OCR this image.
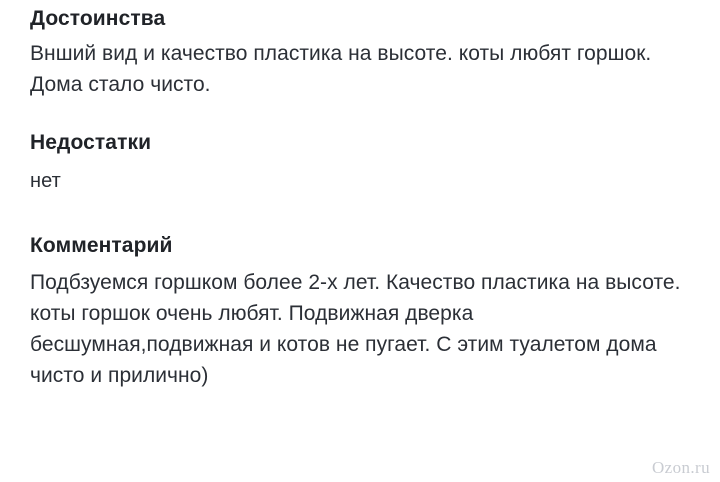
Достоинства
Внший вид и качество пластика на высоте. коты любят горшок. Дома стало чисто.
Недостатки
нет
Комментарий
Подбзуемся горшком более 2-х лет. Качество пластика на высоте. коты горшок очень любят. Подвижная дверка бесшумная,подвижная и котов не пугает. С этим туалетом дома чисто и прилично)
Ozon.ru
